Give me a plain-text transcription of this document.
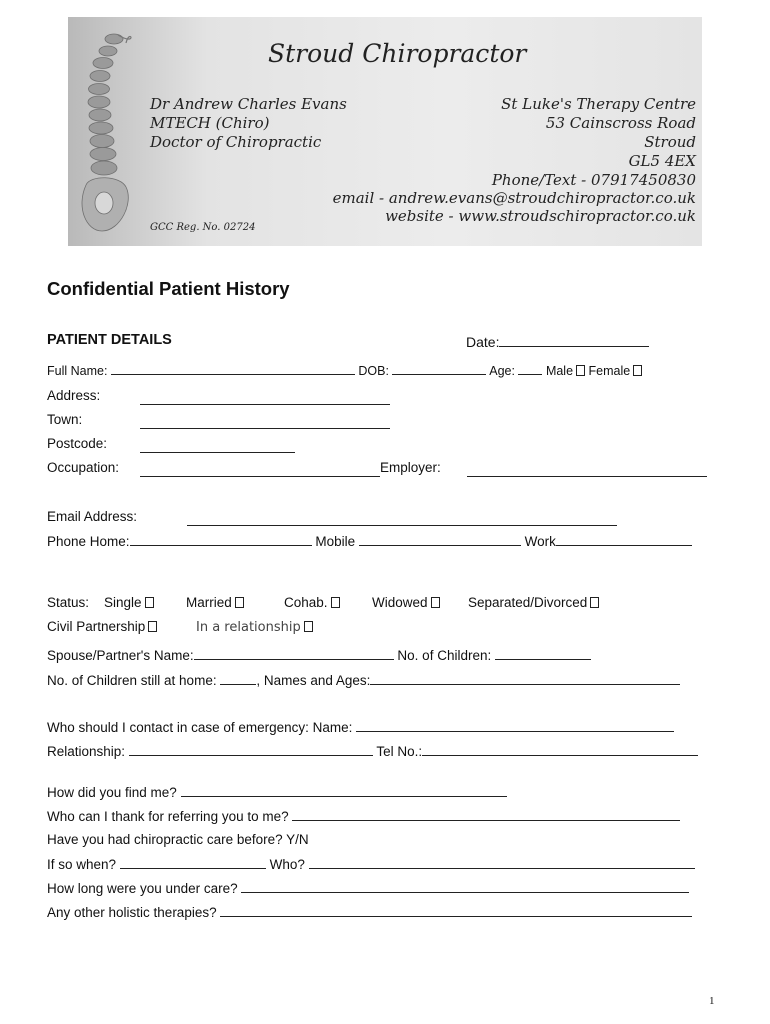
Stroud Chiropractor
Dr Andrew Charles Evans
MTECH (Chiro)
Doctor of Chiropractic
St Luke's Therapy Centre
53 Cainscross Road
Stroud
GL5 4EX
Phone/Text - 07917450830
email - andrew.evans@stroudchiropractor.co.uk
website - www.stroudschiropractor.co.uk
GCC Reg. No. 02724
Confidential Patient History
PATIENT DETAILS	Date:
Full Name:	DOB:	Age: Male Female
Address:
Town:
Postcode:
Occupation:	Employer:
Email Address:
Phone Home:	Mobile	Work
Status: Single	Married	Cohab.	Widowed	Separated/Divorced
Civil Partnership	In a relationship
Spouse/Partner's Name:	No. of Children:
No. of Children still at home:	, Names and Ages:
Who should I contact in case of emergency: Name:
Relationship:	Tel No.:
How did you find me?
Who can I thank for referring you to me?
Have you had chiropractic care before? Y/N
If so when?	Who?
How long were you under care?
Any other holistic therapies?
1
